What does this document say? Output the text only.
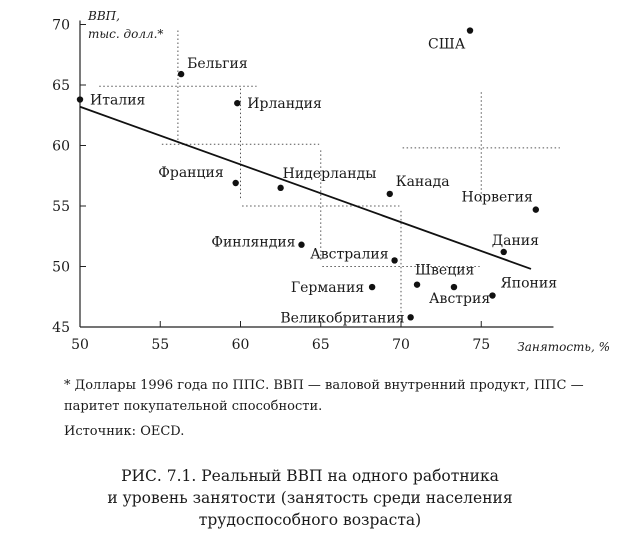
45
50
55
60
65
70
50	55	60	65	70	75
ВВП,
тыс. долл.*
Занятость, %
США
Бельгия
Италия	Ирландия
Франция	Нидерланды
Канада
Норвегия
Финляндия
Австралия
Дания
Германия
Швеция
Австрия
Япония
Великобритания

* Доллары 1996 года по ППС. ВВП — валовой внутренний продукт, ППС — паритет покупательной способности.

Источник: OECD.

РИС. 7.1. Реальный ВВП на одного работника
и уровень занятости (занятость среди населения
трудоспособного возраста)
